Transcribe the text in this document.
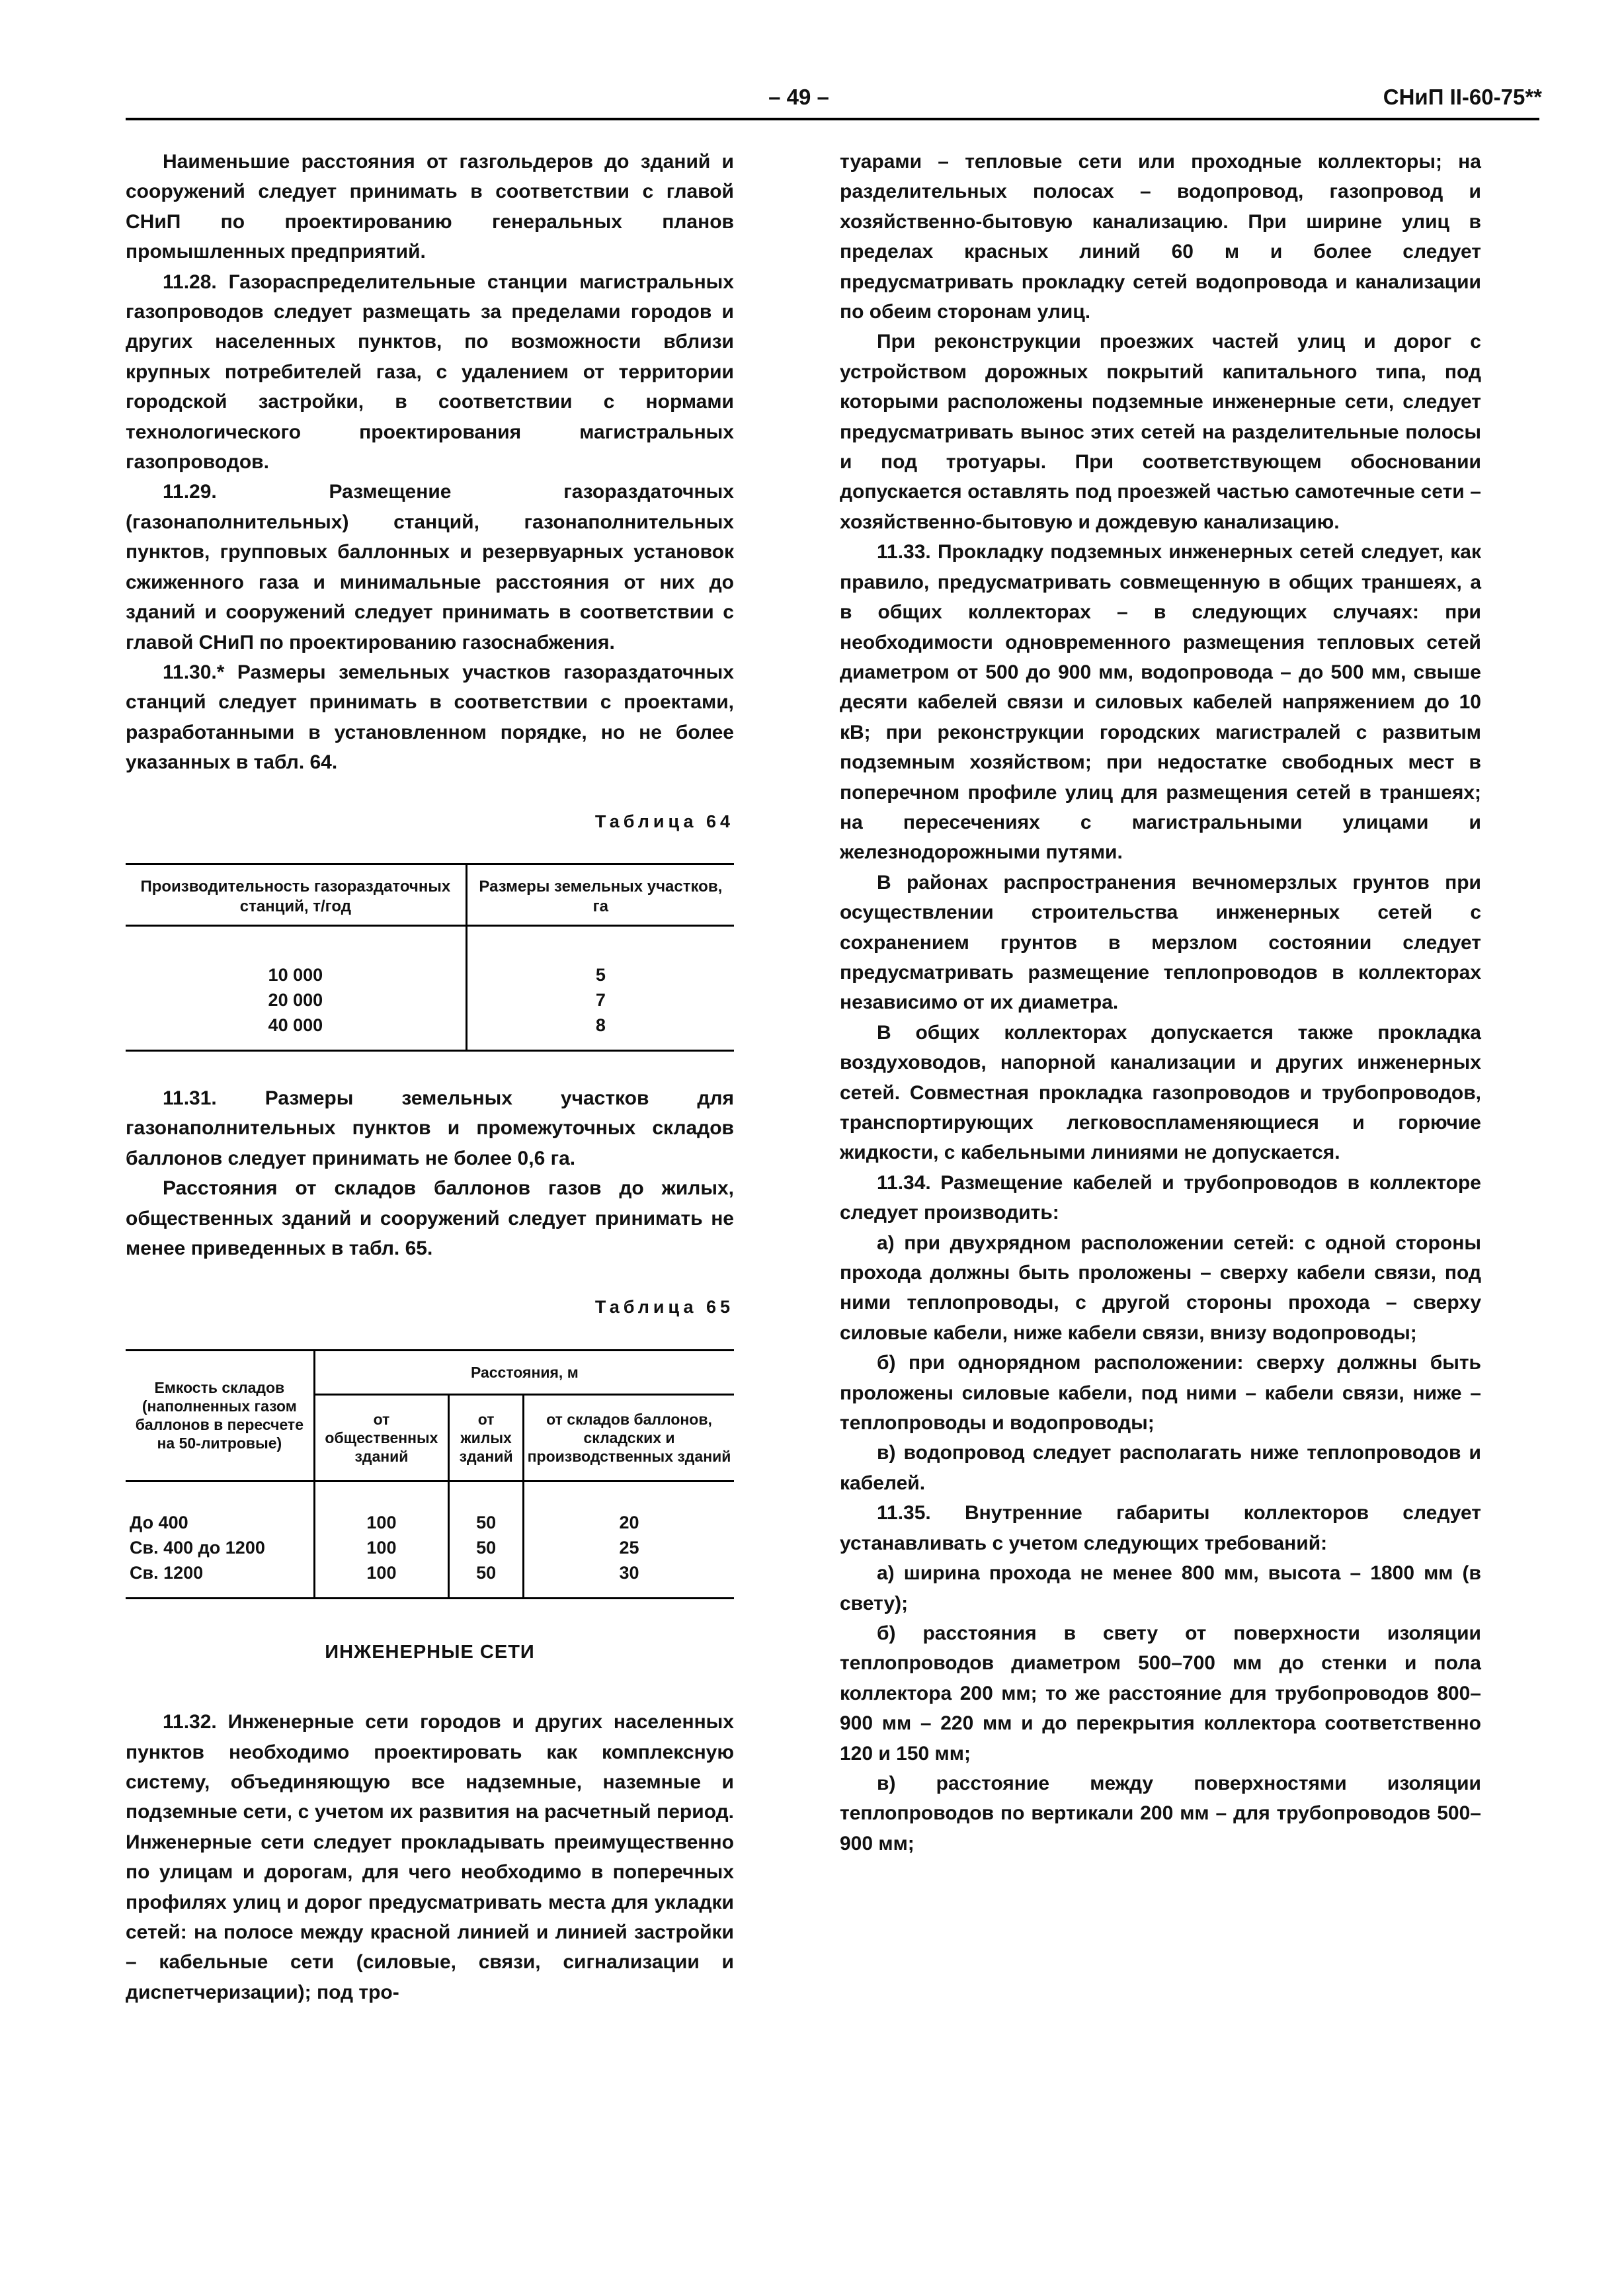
– 49 –	СНиП II-60-75**

Наименьшие расстояния от газгольдеров до зданий и сооружений следует принимать в соответствии с главой СНиП по проектированию генеральных планов промышленных предприятий.

11.28. Газораспределительные станции магистральных газопроводов следует размещать за пределами городов и других населенных пунктов, по возможности вблизи крупных потребителей газа, с удалением от территории городской застройки, в соответствии с нормами технологического проектирования магистральных газопроводов.

11.29. Размещение газораздаточных (газонаполнительных) станций, газонаполнительных пунктов, групповых баллонных и резервуарных установок сжиженного газа и минимальные расстояния от них до зданий и сооружений следует принимать в соответствии с главой СНиП по проектированию газоснабжения.

11.30.* Размеры земельных участков газораздаточных станций следует принимать в соответствии с проектами, разработанными в установленном порядке, но не более указанных в табл. 64.

Таблица 64
Производительность газораздаточных станций, т/год	Размеры земельных участков, га

10 000	5
20 000	7
40 000	8

11.31. Размеры земельных участков для газонаполнительных пунктов и промежуточных складов баллонов следует принимать не более 0,6 га.

Расстояния от складов баллонов газов до жилых, общественных зданий и сооружений следует принимать не менее приведенных в табл. 65.

Таблица 65
Емкость складов (наполненных газом баллонов в пересчете на 50-литровые)	Расстояния, м		
	от общественных зданий	от жилых зданий	от складов баллонов, складских и производственных зданий

До 400	100	50	20
Св. 400 до 1200	100	50	25
Св. 1200	100	50	30
ИНЖЕНЕРНЫЕ СЕТИ

11.32. Инженерные сети городов и других населенных пунктов необходимо проектировать как комплексную систему, объединяющую все надземные, наземные и подземные сети, с учетом их развития на расчетный период. Инженерные сети следует прокладывать преимущественно по улицам и дорогам, для чего необходимо в поперечных профилях улиц и дорог предусматривать места для укладки сетей: на полосе между красной линией и линией застройки – кабельные сети (силовые, связи, сигнализации и диспетчеризации); под тро-

туарами – тепловые сети или проходные коллекторы; на разделительных полосах – водопровод, газопровод и хозяйственно-бытовую канализацию. При ширине улиц в пределах красных линий 60 м и более следует предусматривать прокладку сетей водопровода и канализации по обеим сторонам улиц.

При реконструкции проезжих частей улиц и дорог с устройством дорожных покрытий капитального типа, под которыми расположены подземные инженерные сети, следует предусматривать вынос этих сетей на разделительные полосы и под тротуары. При соответствующем обосновании допускается оставлять под проезжей частью самотечные сети – хозяйственно-бытовую и дождевую канализацию.

11.33. Прокладку подземных инженерных сетей следует, как правило, предусматривать совмещенную в общих траншеях, а в общих коллекторах – в следующих случаях: при необходимости одновременного размещения тепловых сетей диаметром от 500 до 900 мм, водопровода – до 500 мм, свыше десяти кабелей связи и силовых кабелей напряжением до 10 кВ; при реконструкции городских магистралей с развитым подземным хозяйством; при недостатке свободных мест в поперечном профиле улиц для размещения сетей в траншеях; на пересечениях с магистральными улицами и железнодорожными путями.

В районах распространения вечномерзлых грунтов при осуществлении строительства инженерных сетей с сохранением грунтов в мерзлом состоянии следует предусматривать размещение теплопроводов в коллекторах независимо от их диаметра.

В общих коллекторах допускается также прокладка воздуховодов, напорной канализации и других инженерных сетей. Совместная прокладка газопроводов и трубопроводов, транспортирующих легковоспламеняющиеся и горючие жидкости, с кабельными линиями не допускается.

11.34. Размещение кабелей и трубопроводов в коллекторе следует производить:

а) при двухрядном расположении сетей: с одной стороны прохода должны быть проложены – сверху кабели связи, под ними теплопроводы, с другой стороны прохода – сверху силовые кабели, ниже кабели связи, внизу водопроводы;

б) при однорядном расположении: сверху должны быть проложены силовые кабели, под ними – кабели связи, ниже – теплопроводы и водопроводы;

в) водопровод следует располагать ниже теплопроводов и кабелей.

11.35. Внутренние габариты коллекторов следует устанавливать с учетом следующих требований:

а) ширина прохода не менее 800 мм, высота – 1800 мм (в свету);

б) расстояния в свету от поверхности изоляции теплопроводов диаметром 500–700 мм до стенки и пола коллектора 200 мм; то же расстояние для трубопроводов 800–900 мм – 220 мм и до перекрытия коллектора соответственно 120 и 150 мм;

в) расстояние между поверхностями изоляции теплопроводов по вертикали 200 мм – для трубопроводов 500–900 мм;
